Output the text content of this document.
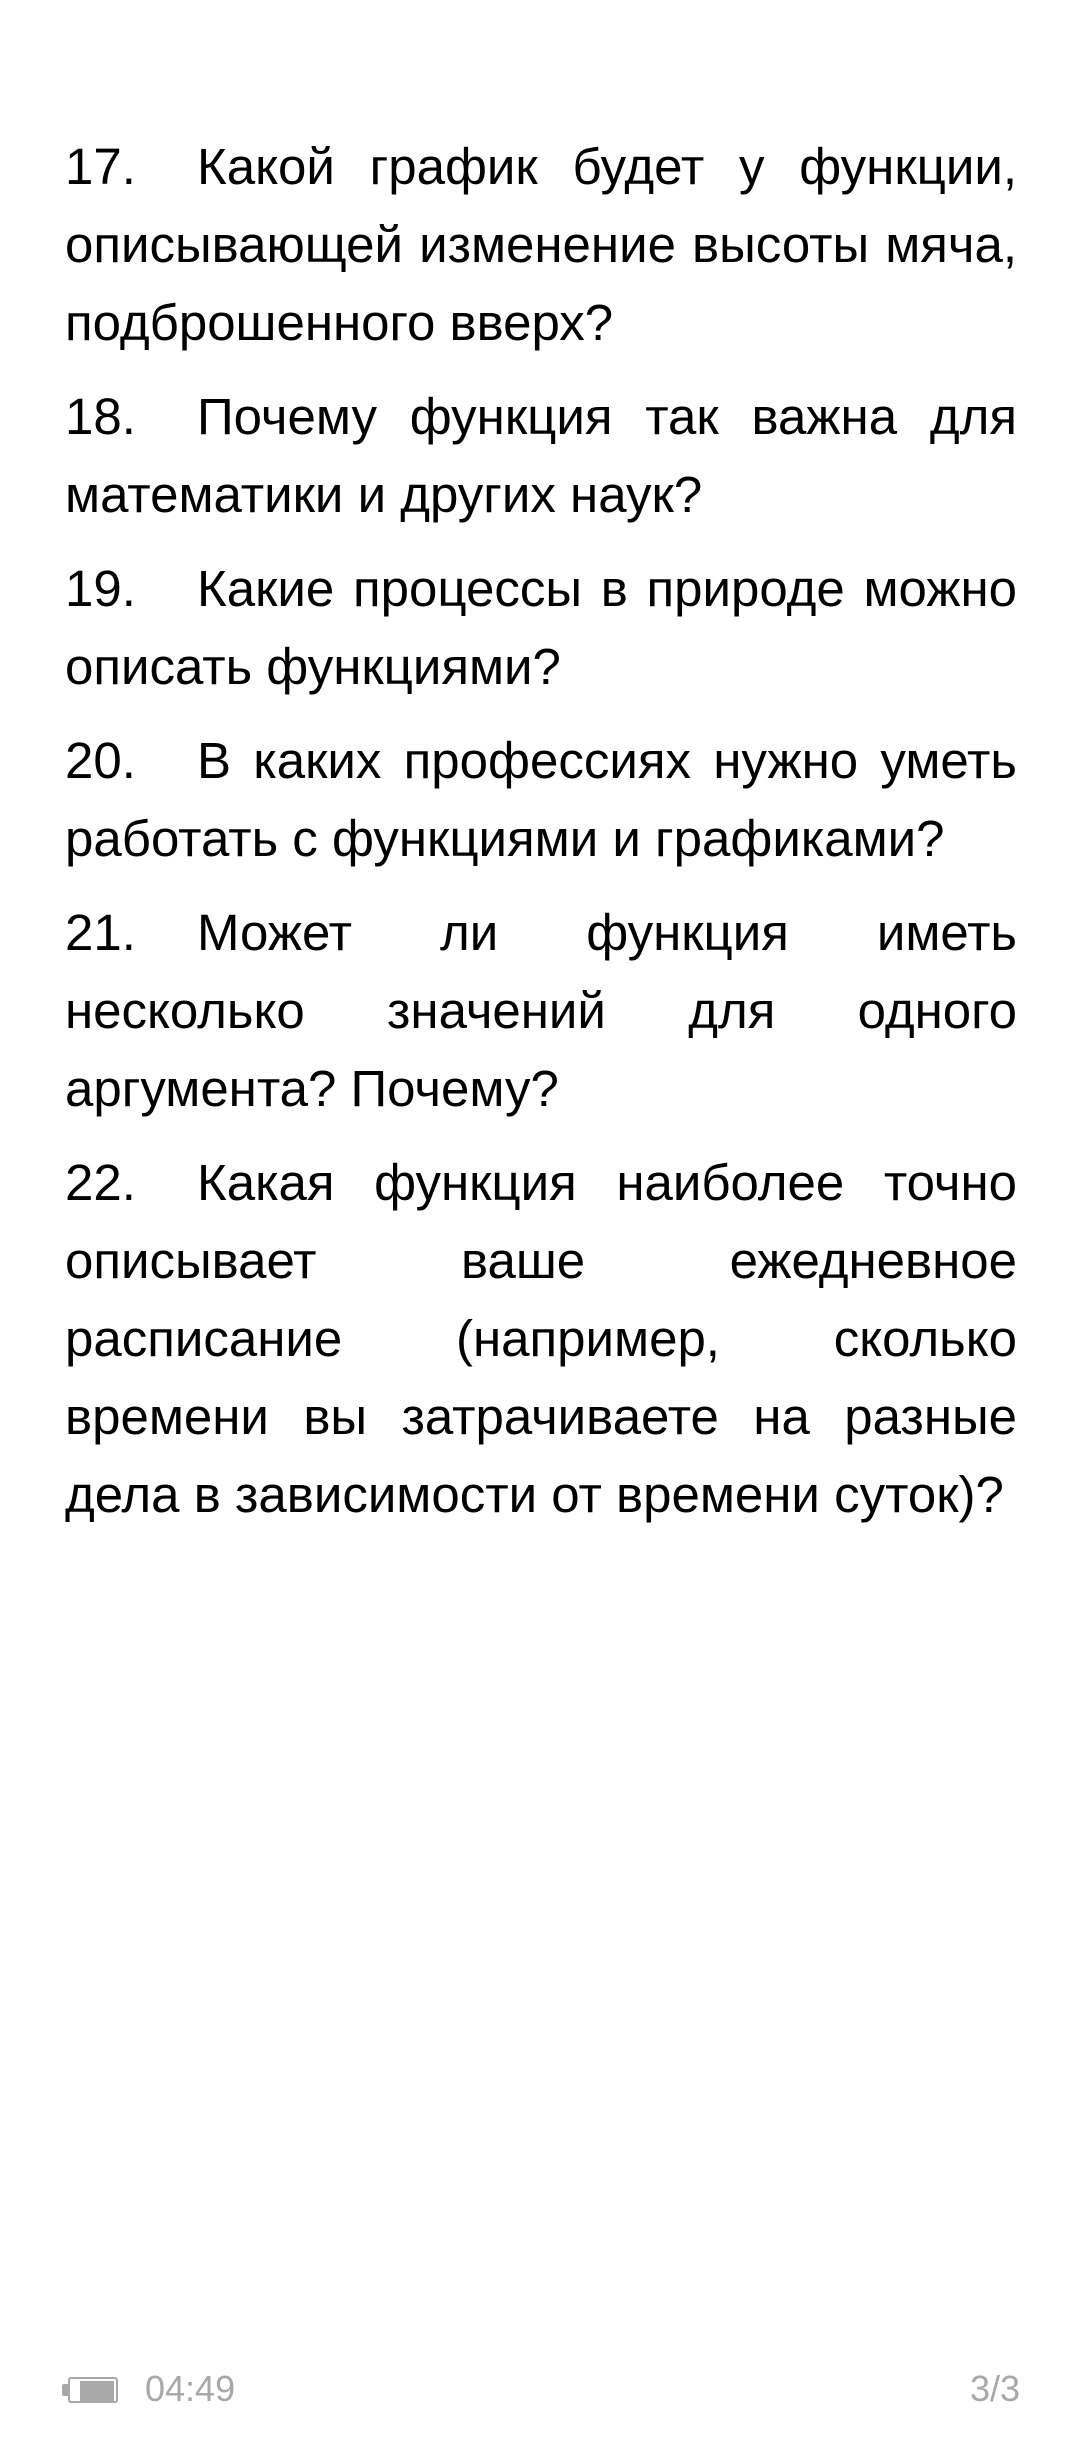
17. Какой график будет у функции, описывающей изменение высоты мяча, подброшенного вверх?

18. Почему функция так важна для математики и других наук?

19. Какие процессы в природе можно описать функциями?

20. В каких профессиях нужно уметь работать с функциями и графиками?

21. Может ли функция иметь несколько значений для одного аргумента? Почему?

22. Какая функция наиболее точно описывает ваше ежедневное расписание (например, сколько времени вы затрачиваете на разные дела в зависимости от времени суток)?

04:49	3/3
